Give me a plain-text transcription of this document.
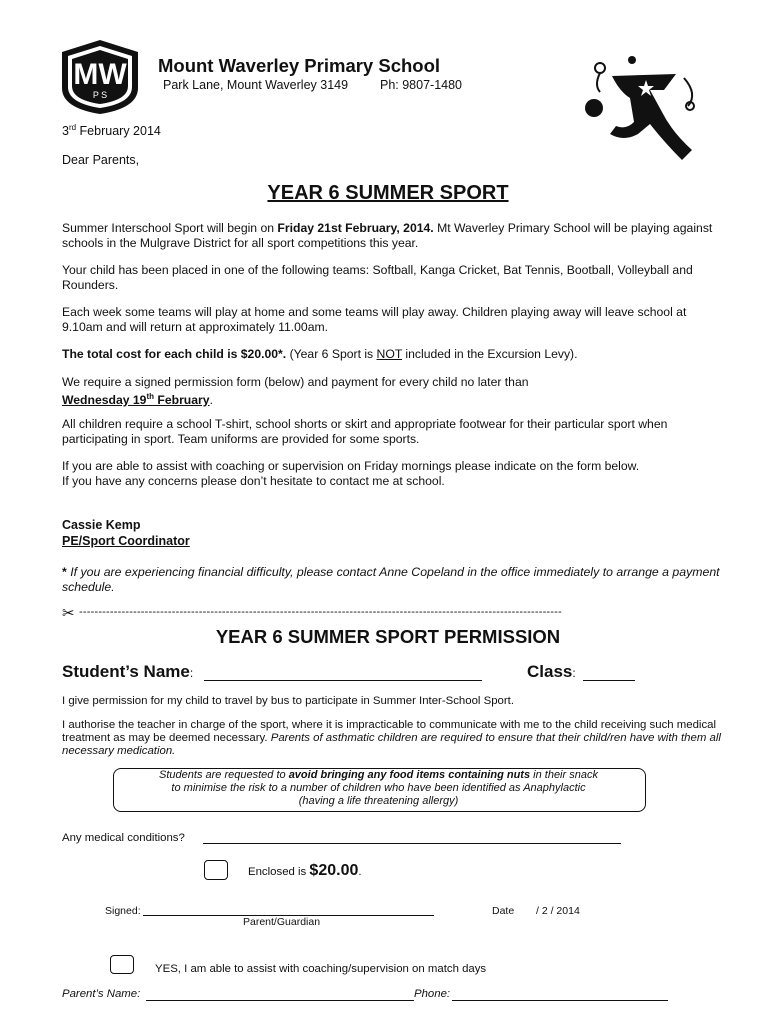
MW
P S
Mount Waverley Primary School
Park Lane, Mount Waverley 3149	Ph: 9807-1480
3rd February 2014
Dear Parents,
YEAR 6 SUMMER SPORT

Summer Interschool Sport will begin on Friday 21st February, 2014. Mt Waverley Primary School will be playing against schools in the Mulgrave District for all sport competitions this year.

Your child has been placed in one of the following teams: Softball, Kanga Cricket, Bat Tennis, Bootball, Volleyball and Rounders.

Each week some teams will play at home and some teams will play away. Children playing away will leave school at 9.10am and will return at approximately 11.00am.

The total cost for each child is $20.00*. (Year 6 Sport is NOT included in the Excursion Levy).

We require a signed permission form (below) and payment for every child no later than
Wednesday 19th February.

All children require a school T-shirt, school shorts or skirt and appropriate footwear for their particular sport when participating in sport. Team uniforms are provided for some sports.

If you are able to assist with coaching or supervision on Friday mornings please indicate on the form below.
If you have any concerns please don’t hesitate to contact me at school.

Cassie Kemp
PE/Sport Coordinator

* If you are experiencing financial difficulty, please contact Anne Copeland in the office immediately to arrange a payment schedule.

✂ -----------------------------------------------------------------------------------------------------------------------------
YEAR 6 SUMMER SPORT PERMISSION
Student’s Name:	Class:

I give permission for my child to travel by bus to participate in Summer Inter-School Sport.

I authorise the teacher in charge of the sport, where it is impracticable to communicate with me to the child receiving such medical treatment as may be deemed necessary. Parents of asthmatic children are required to ensure that their child/ren have with them all necessary medication.

Students are requested to avoid bringing any food items containing nuts in their snack
to minimise the risk to a number of children who have been identified as Anaphylactic
(having a life threatening allergy)
Any medical conditions?
Enclosed is $20.00.
Signed:
Parent/Guardian
Date / 2 / 2014
YES, I am able to assist with coaching/supervision on match days
Parent’s Name:	Phone:
